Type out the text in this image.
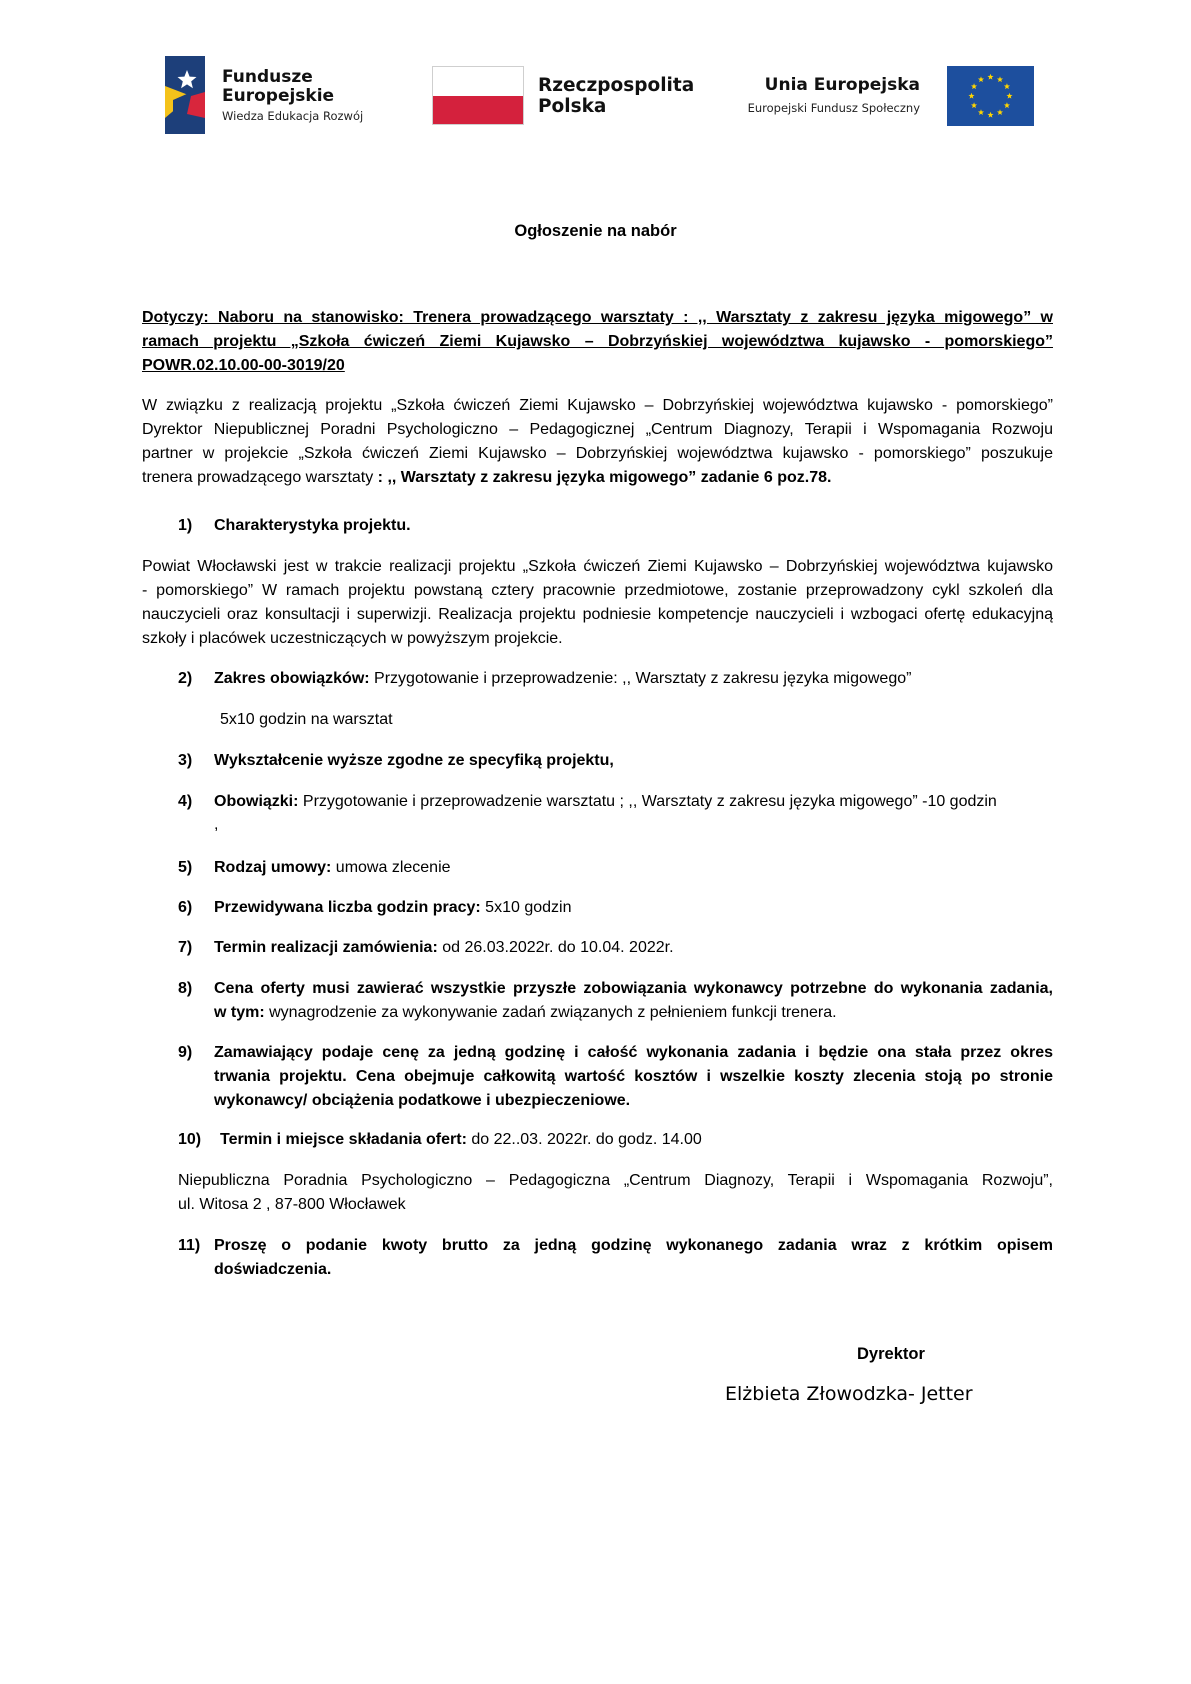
Fundusze
Europejskie
Wiedza Edukacja Rozwój
Rzeczpospolita
Polska
Unia Europejska
Europejski Fundusz Społeczny
Ogłoszenie na nabór
Dotyczy: Naboru na stanowisko: Trenera prowadzącego warsztaty : ,, Warsztaty z zakresu języka migowego” w
ramach projektu „Szkoła ćwiczeń Ziemi Kujawsko – Dobrzyńskiej województwa kujawsko - pomorskiego”
POWR.02.10.00-00-3019/20
W związku z realizacją projektu „Szkoła ćwiczeń Ziemi Kujawsko – Dobrzyńskiej województwa kujawsko - pomorskiego”
Dyrektor Niepublicznej Poradni Psychologiczno – Pedagogicznej „Centrum Diagnozy, Terapii i Wspomagania Rozwoju
partner w projekcie „Szkoła ćwiczeń Ziemi Kujawsko – Dobrzyńskiej województwa kujawsko - pomorskiego” poszukuje
trenera prowadzącego warsztaty : ,, Warsztaty z zakresu języka migowego” zadanie 6 poz.78.
1) Charakterystyka projektu.
Powiat Włocławski jest w trakcie realizacji projektu „Szkoła ćwiczeń Ziemi Kujawsko – Dobrzyńskiej województwa kujawsko
- pomorskiego” W ramach projektu powstaną cztery pracownie przedmiotowe, zostanie przeprowadzony cykl szkoleń dla
nauczycieli oraz konsultacji i superwizji. Realizacja projektu podniesie kompetencje nauczycieli i wzbogaci ofertę edukacyjną
szkoły i placówek uczestniczących w powyższym projekcie.
2) Zakres obowiązków: Przygotowanie i przeprowadzenie: ,, Warsztaty z zakresu języka migowego”
5x10 godzin na warsztat
3) Wykształcenie wyższe zgodne ze specyfiką projektu,
4) Obowiązki: Przygotowanie i przeprowadzenie warsztatu ; ,, Warsztaty z zakresu języka migowego” -10 godzin
,
5) Rodzaj umowy: umowa zlecenie
6) Przewidywana liczba godzin pracy: 5x10 godzin
7) Termin realizacji zamówienia: od 26.03.2022r. do 10.04. 2022r.
8) Cena oferty musi zawierać wszystkie przyszłe zobowiązania wykonawcy potrzebne do wykonania zadania,
w tym: wynagrodzenie za wykonywanie zadań związanych z pełnieniem funkcji trenera.
9) Zamawiający podaje cenę za jedną godzinę i całość wykonania zadania i będzie ona stała przez okres
trwania projektu. Cena obejmuje całkowitą wartość kosztów i wszelkie koszty zlecenia stoją po stronie
wykonawcy/ obciążenia podatkowe i ubezpieczeniowe.
10) Termin i miejsce składania ofert: do 22..03. 2022r. do godz. 14.00
Niepubliczna Poradnia Psychologiczno – Pedagogiczna „Centrum Diagnozy, Terapii i Wspomagania Rozwoju”,
ul. Witosa 2 , 87-800 Włocławek
11) Proszę o podanie kwoty brutto za jedną godzinę wykonanego zadania wraz z krótkim opisem
doświadczenia.
Dyrektor
Elżbieta Złowodzka- Jetter
